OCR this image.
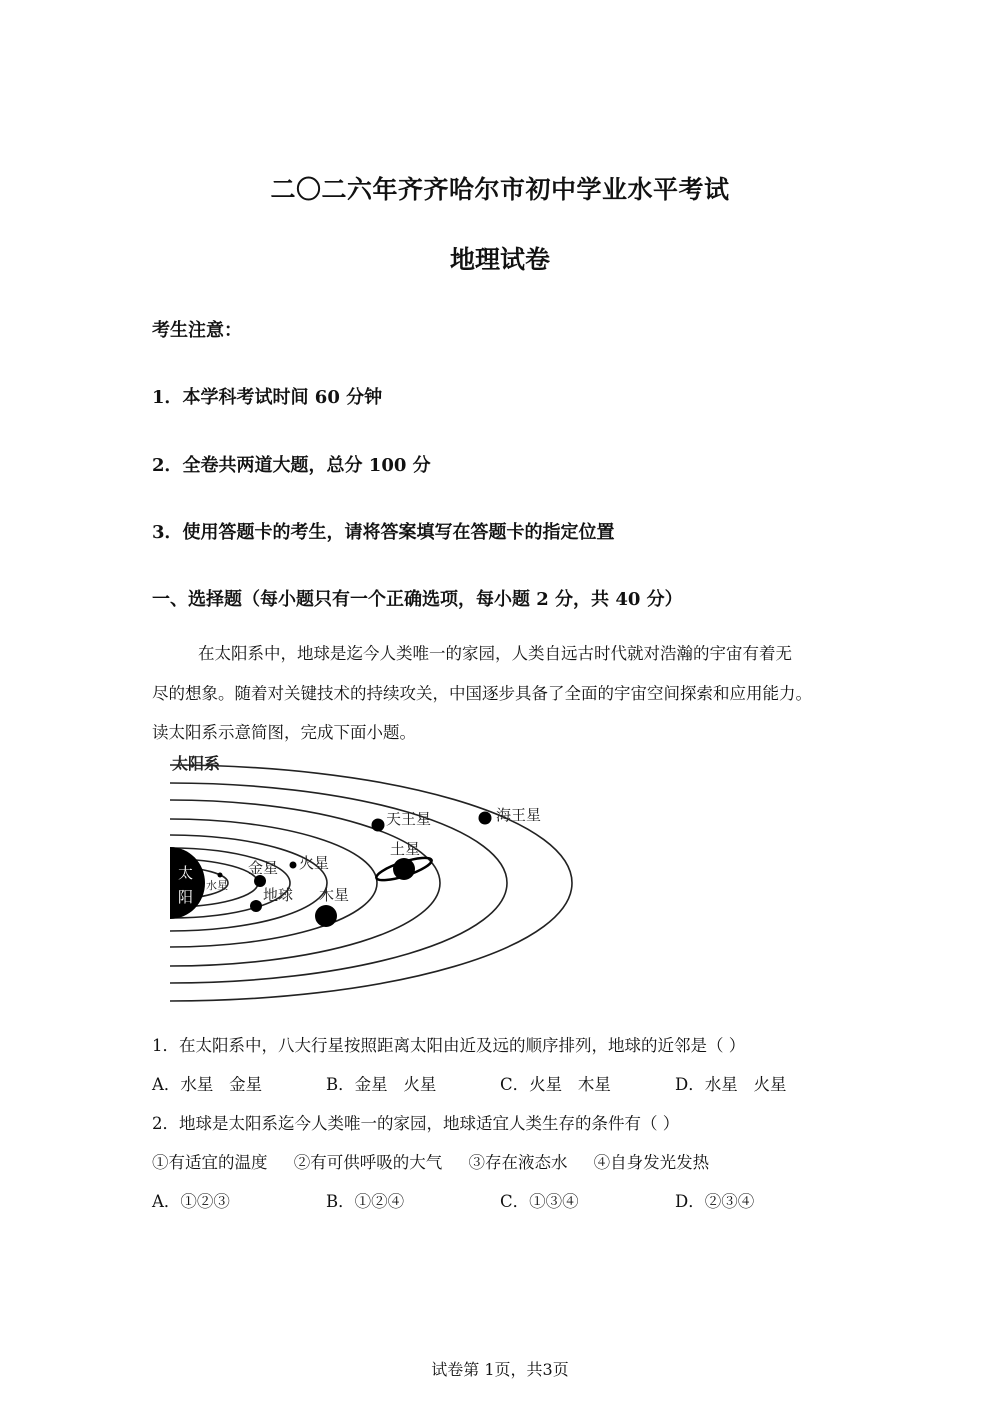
二〇二六年齐齐哈尔市初中学业水平考试
地理试卷
考生注意：
1．本学科考试时间 60 分钟
2．全卷共两道大题，总分 100 分
3．使用答题卡的考生，请将答案填写在答题卡的指定位置
一、选择题（每小题只有一个正确选项，每小题 2 分，共 40 分）
在太阳系中，地球是迄今人类唯一的家园，人类自远古时代就对浩瀚的宇宙有着无
尽的想象。随着对关键技术的持续攻关，中国逐步具备了全面的宇宙空间探索和应用能力。
读太阳系示意简图，完成下面小题。
太阳系
太
阳
水星
金星
地球
火星
木星
土星
天王星	海王星
1．在太阳系中，八大行星按照距离太阳由近及远的顺序排列，地球的近邻是（ ）
A．水星   金星	B．金星   火星	C．火星   木星	D．水星   火星
2．地球是太阳系迄今人类唯一的家园，地球适宜人类生存的条件有（ ）
①有适宜的温度     ②有可供呼吸的大气     ③存在液态水     ④自身发光发热
A．①②③	B．①②④	C．①③④	D．②③④
试卷第 1页，共3页
